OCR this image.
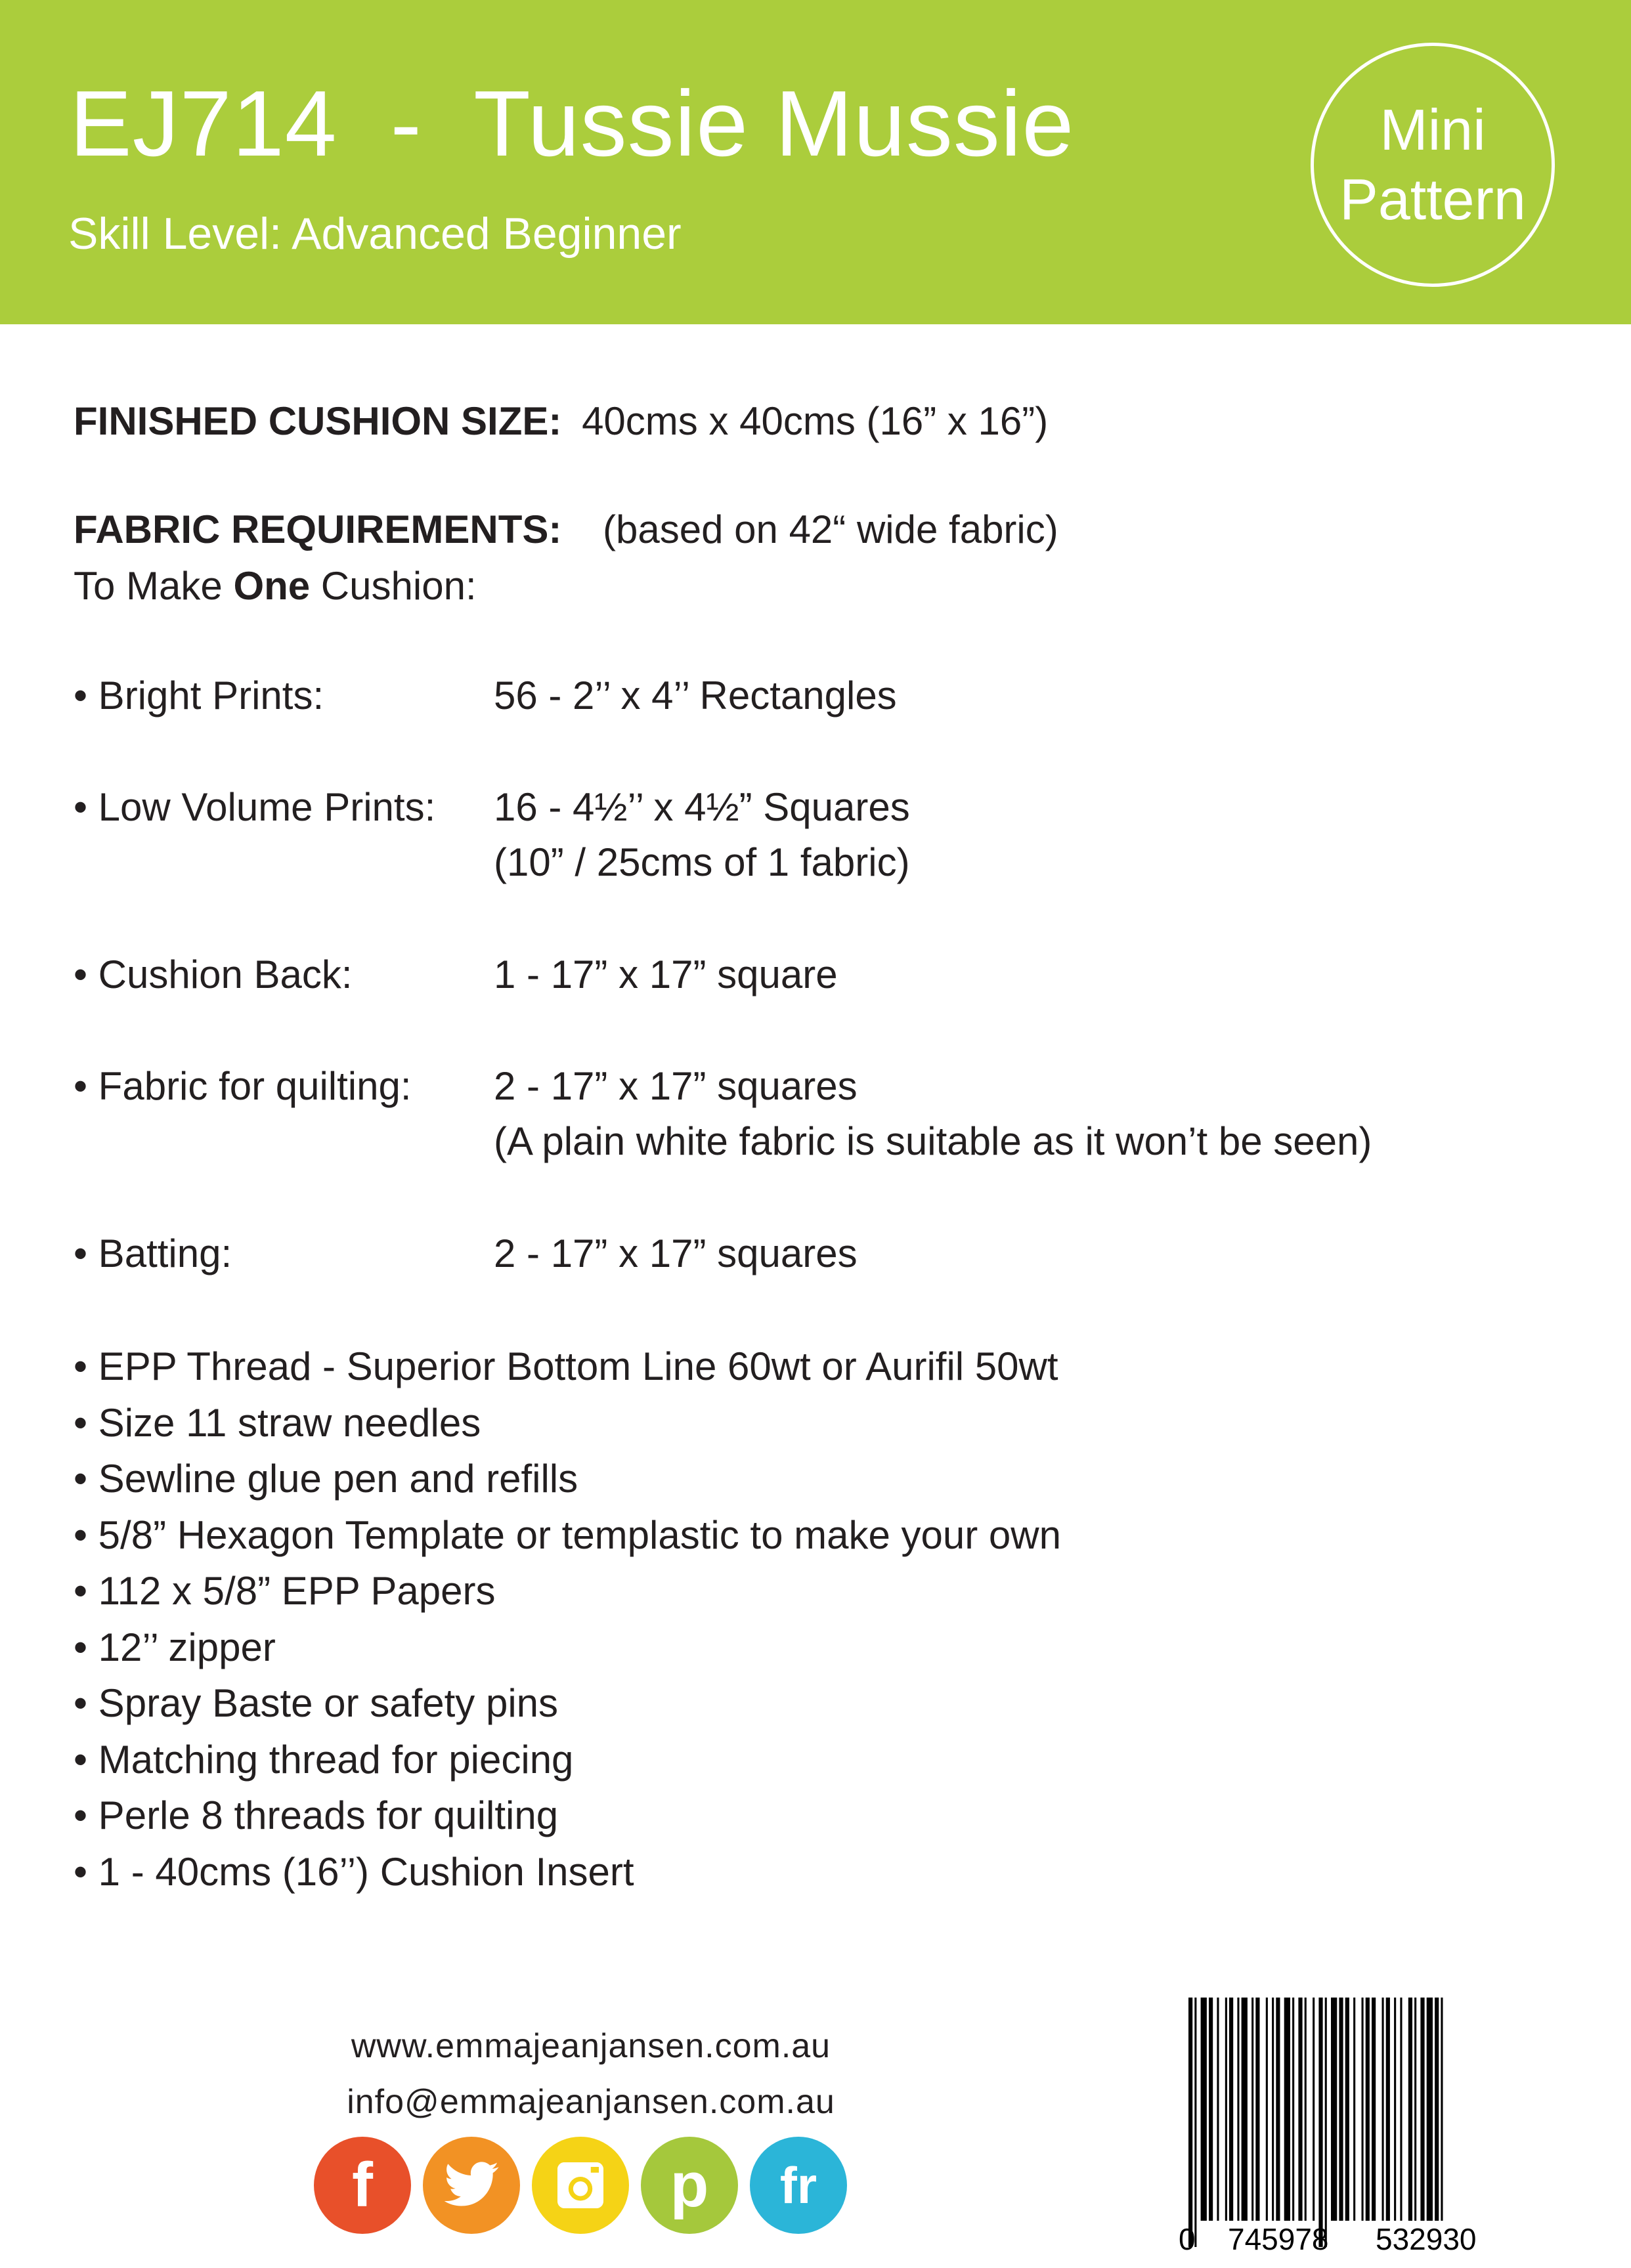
EJ714  -  Tussie Mussie
Skill Level: Advanced Beginner
Mini
Pattern
FINISHED CUSHION SIZE: 40cms x 40cms (16” x 16”)
FABRIC REQUIREMENTS: (based on 42“ wide fabric)
To Make One Cushion:
• Bright Prints:	56 - 2’’ x 4’’ Rectangles
• Low Volume Prints: 16 - 4½’’ x 4½” Squares
(10” / 25cms of 1 fabric)
• Cushion Back:	1 - 17” x 17” square
• Fabric for quilting: 2 - 17” x 17” squares
(A plain white fabric is suitable as it won’t be seen)
• Batting:	2 - 17” x 17” squares
• EPP Thread - Superior Bottom Line 60wt or Aurifil 50wt
• Size 11 straw needles
• Sewline glue pen and refills
• 5/8” Hexagon Template or templastic to make your own
• 112 x 5/8” EPP Papers
• 12’’ zipper
• Spray Baste or safety pins
• Matching thread for piecing
• Perle 8 threads for quilting
• 1 - 40cms (16’’) Cushion Insert
www.emmajeanjansen.com.au
info@emmajeanjansen.com.au
f	p fr
0 745978 532930
